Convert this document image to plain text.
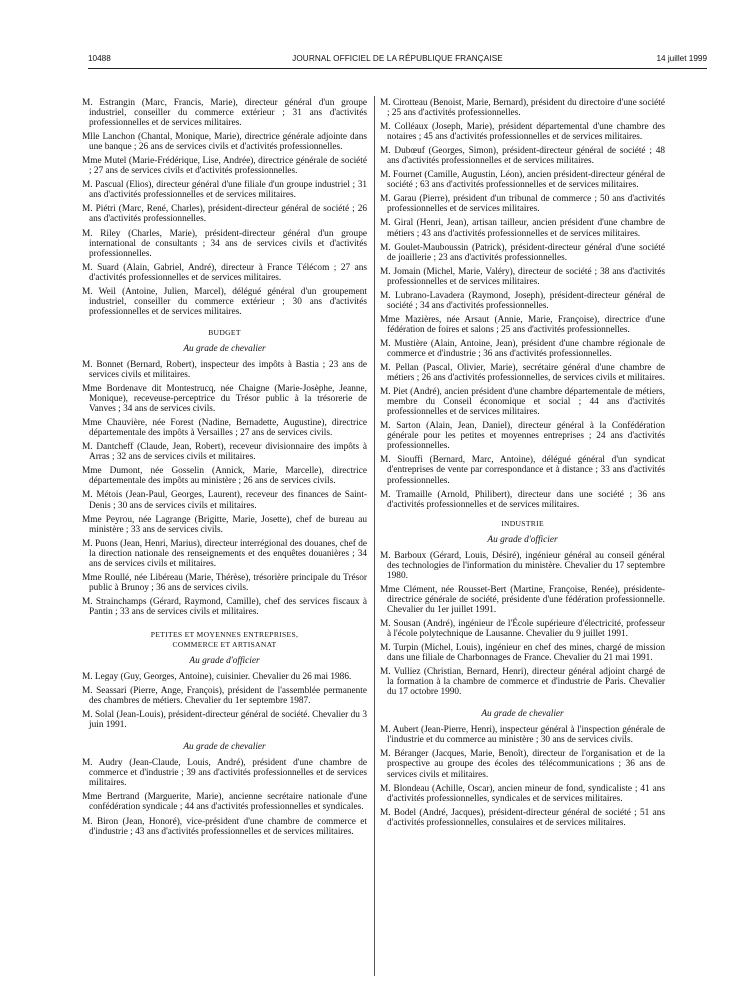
10488	JOURNAL OFFICIEL DE LA RÉPUBLIQUE FRANÇAISE	14 juillet 1999

M. Estrangin (Marc, Francis, Marie), directeur général d'un groupe industriel, conseiller du commerce extérieur ; 31 ans d'activités professionnelles et de services militaires.

Mlle Lanchon (Chantal, Monique, Marie), directrice générale adjointe dans une banque ; 26 ans de services civils et d'activités professionnelles.

Mme Mutel (Marie-Frédérique, Lise, Andrée), directrice générale de société ; 27 ans de services civils et d'activités professionnelles.

M. Pascual (Elios), directeur général d'une filiale d'un groupe industriel ; 31 ans d'activités professionnelles et de services militaires.

M. Piétri (Marc, René, Charles), président-directeur général de société ; 26 ans d'activités professionnelles.

M. Riley (Charles, Marie), président-directeur général d'un groupe international de consultants ; 34 ans de services civils et d'activités professionnelles.

M. Suard (Alain, Gabriel, André), directeur à France Télécom ; 27 ans d'activités professionnelles et de services militaires.

M. Weil (Antoine, Julien, Marcel), délégué général d'un groupement industriel, conseiller du commerce extérieur ; 30 ans d'activités professionnelles et de services militaires.

BUDGET
Au grade de chevalier

M. Bonnet (Bernard, Robert), inspecteur des impôts à Bastia ; 23 ans de services civils et militaires.

Mme Bordenave dit Montestrucq, née Chaigne (Marie-Josèphe, Jeanne, Monique), receveuse-perceptrice du Trésor public à la trésorerie de Vanves ; 34 ans de services civils.

Mme Chauvière, née Forest (Nadine, Bernadette, Augustine), directrice départementale des impôts à Versailles ; 27 ans de services civils.

M. Dantcheff (Claude, Jean, Robert), receveur divisionnaire des impôts à Arras ; 32 ans de services civils et militaires.

Mme Dumont, née Gosselin (Annick, Marie, Marcelle), directrice départementale des impôts au ministère ; 26 ans de services civils.

M. Métois (Jean-Paul, Georges, Laurent), receveur des finances de Saint-Denis ; 30 ans de services civils et militaires.

Mme Peyrou, née Lagrange (Brigitte, Marie, Josette), chef de bureau au ministère ; 33 ans de services civils.

M. Puons (Jean, Henri, Marius), directeur interrégional des douanes, chef de la direction nationale des renseignements et des enquêtes douanières ; 34 ans de services civils et militaires.

Mme Roullé, née Libéreau (Marie, Thérèse), trésorière principale du Trésor public à Brunoy ; 36 ans de services civils.

M. Strainchamps (Gérard, Raymond, Camille), chef des services fiscaux à Pantin ; 33 ans de services civils et militaires.

PETITES ET MOYENNES ENTREPRISES,
COMMERCE ET ARTISANAT
Au grade d'officier

M. Legay (Guy, Georges, Antoine), cuisinier. Chevalier du 26 mai 1986.

M. Seassari (Pierre, Ange, François), président de l'assemblée permanente des chambres de métiers. Chevalier du 1er septembre 1987.

M. Solal (Jean-Louis), président-directeur général de société. Chevalier du 3 juin 1991.

Au grade de chevalier

M. Audry (Jean-Claude, Louis, André), président d'une chambre de commerce et d'industrie ; 39 ans d'activités professionnelles et de services militaires.

Mme Bertrand (Marguerite, Marie), ancienne secrétaire nationale d'une confédération syndicale ; 44 ans d'activités professionnelles et syndicales.

M. Biron (Jean, Honoré), vice-président d'une chambre de commerce et d'industrie ; 43 ans d'activités professionnelles et de services militaires.

M. Cirotteau (Benoist, Marie, Bernard), président du directoire d'une société ; 25 ans d'activités professionnelles.

M. Colléaux (Joseph, Marie), président départemental d'une chambre des notaires ; 45 ans d'activités professionnelles et de services militaires.

M. Dubœuf (Georges, Simon), président-directeur général de société ; 48 ans d'activités professionnelles et de services militaires.

M. Fournet (Camille, Augustin, Léon), ancien président-directeur général de société ; 63 ans d'activités professionnelles et de services militaires.

M. Garau (Pierre), président d'un tribunal de commerce ; 50 ans d'activités professionnelles et de services militaires.

M. Giral (Henri, Jean), artisan tailleur, ancien président d'une chambre de métiers ; 43 ans d'activités professionnelles et de services militaires.

M. Goulet-Mauboussin (Patrick), président-directeur général d'une société de joaillerie ; 23 ans d'activités professionnelles.

M. Jomain (Michel, Marie, Valéry), directeur de société ; 38 ans d'activités professionnelles et de services militaires.

M. Lubrano-Lavadera (Raymond, Joseph), président-directeur général de société ; 34 ans d'activités professionnelles.

Mme Mazières, née Arsaut (Annie, Marie, Françoise), directrice d'une fédération de foires et salons ; 25 ans d'activités professionnelles.

M. Mustière (Alain, Antoine, Jean), président d'une chambre régionale de commerce et d'industrie ; 36 ans d'activités professionnelles.

M. Pellan (Pascal, Olivier, Marie), secrétaire général d'une chambre de métiers ; 26 ans d'activités professionnelles, de services civils et militaires.

M. Piet (André), ancien président d'une chambre départementale de métiers, membre du Conseil économique et social ; 44 ans d'activités professionnelles et de services militaires.

M. Sarton (Alain, Jean, Daniel), directeur général à la Confédération générale pour les petites et moyennes entreprises ; 24 ans d'activités professionnelles.

M. Siouffi (Bernard, Marc, Antoine), délégué général d'un syndicat d'entreprises de vente par correspondance et à distance ; 33 ans d'activités professionnelles.

M. Tramaille (Arnold, Philibert), directeur dans une société ; 36 ans d'activités professionnelles et de services militaires.

INDUSTRIE
Au grade d'officier

M. Barboux (Gérard, Louis, Désiré), ingénieur général au conseil général des technologies de l'information du ministère. Chevalier du 17 septembre 1980.

Mme Clément, née Rousset-Bert (Martine, Françoise, Renée), présidente-directrice générale de société, présidente d'une fédération professionnelle. Chevalier du 1er juillet 1991.

M. Sousan (André), ingénieur de l'École supérieure d'électricité, professeur à l'école polytechnique de Lausanne. Chevalier du 9 juillet 1991.

M. Turpin (Michel, Louis), ingénieur en chef des mines, chargé de mission dans une filiale de Charbonnages de France. Chevalier du 21 mai 1991.

M. Vulliez (Christian, Bernard, Henri), directeur général adjoint chargé de la formation à la chambre de commerce et d'industrie de Paris. Chevalier du 17 octobre 1990.

Au grade de chevalier

M. Aubert (Jean-Pierre, Henri), inspecteur général à l'inspection générale de l'industrie et du commerce au ministère ; 30 ans de services civils.

M. Béranger (Jacques, Marie, Benoît), directeur de l'organisation et de la prospective au groupe des écoles des télécommunications ; 36 ans de services civils et militaires.

M. Blondeau (Achille, Oscar), ancien mineur de fond, syndicaliste ; 41 ans d'activités professionnelles, syndicales et de services militaires.

M. Bodel (André, Jacques), président-directeur général de société ; 51 ans d'activités professionnelles, consulaires et de services militaires.
